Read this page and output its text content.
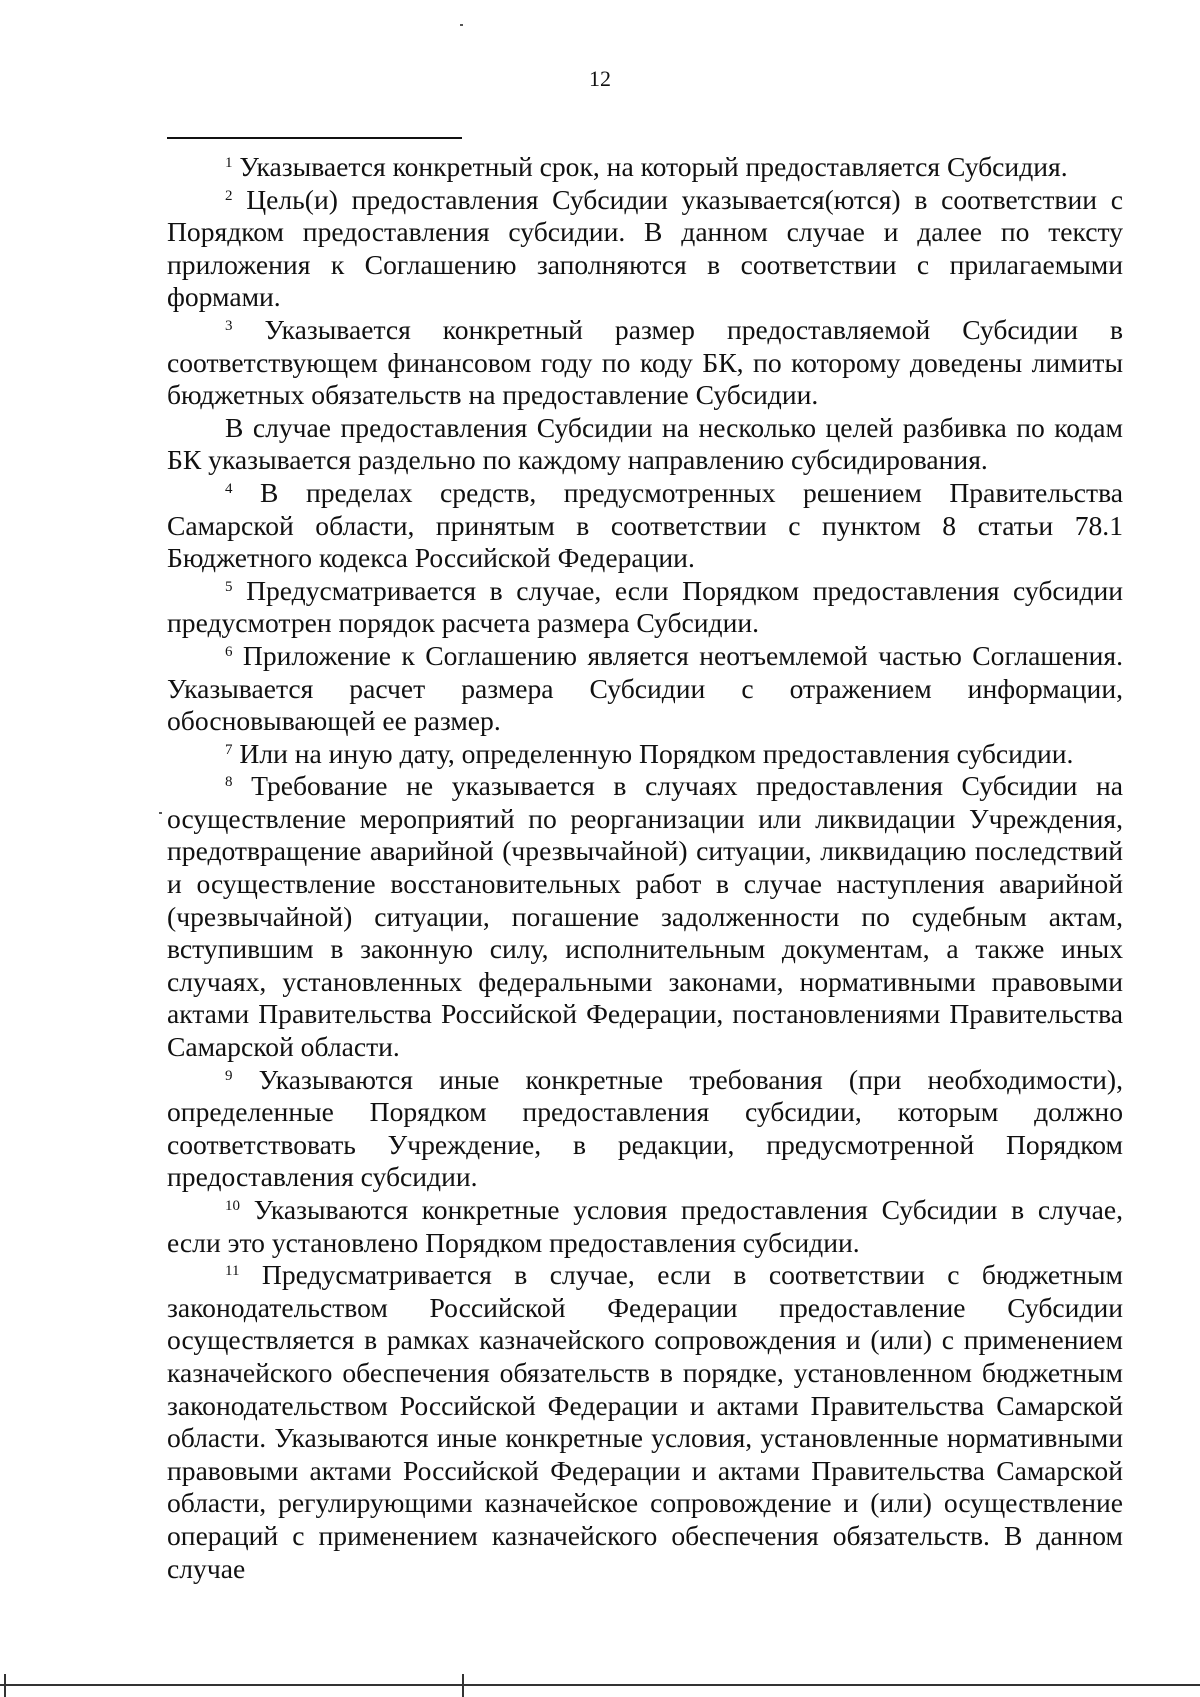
12

$^1$ Указывается конкретный срок, на который предоставляется Субсидия.

$^2$ Цель(и) предоставления Субсидии указывается(ются) в соответствии с Порядком предоставления субсидии. В данном случае и далее по тексту приложения к Соглашению заполняются в соответствии с прилагаемыми формами.

$^3$ Указывается конкретный размер предоставляемой Субсидии в соответствующем финансовом году по коду БК, по которому доведены лимиты бюджетных обязательств на предоставление Субсидии.

В случае предоставления Субсидии на несколько целей разбивка по кодам БК указывается раздельно по каждому направлению субсидирования.

$^4$ В пределах средств, предусмотренных решением Правительства Самарской области, принятым в соответствии с пунктом 8 статьи 78.1 Бюджетного кодекса Российской Федерации.

$^5$ Предусматривается в случае, если Порядком предоставления субсидии предусмотрен порядок расчета размера Субсидии.

$^6$ Приложение к Соглашению является неотъемлемой частью Соглашения. Указывается расчет размера Субсидии с отражением информации, обосновывающей ее размер.

$^7$ Или на иную дату, определенную Порядком предоставления субсидии.

$^8$ Требование не указывается в случаях предоставления Субсидии на осуществление мероприятий по реорганизации или ликвидации Учреждения, предотвращение аварийной (чрезвычайной) ситуации, ликвидацию последствий и осуществление восстановительных работ в случае наступления аварийной (чрезвычайной) ситуации, погашение задолженности по судебным актам, вступившим в законную силу, исполнительным документам, а также иных случаях, установленных федеральными законами, нормативными правовыми актами Правительства Российской Федерации, постановлениями Правительства Самарской области.

$^9$ Указываются иные конкретные требования (при необходимости), определенные Порядком предоставления субсидии, которым должно соответствовать Учреждение, в редакции, предусмотренной Порядком предоставления субсидии.

$^{10}$ Указываются конкретные условия предоставления Субсидии в случае, если это установлено Порядком предоставления субсидии.

$^{11}$ Предусматривается в случае, если в соответствии с бюджетным законодательством Российской Федерации предоставление Субсидии осуществляется в рамках казначейского сопровождения и (или) с применением казначейского обеспечения обязательств в порядке, установленном бюджетным законодательством Российской Федерации и актами Правительства Самарской области. Указываются иные конкретные условия, установленные нормативными правовыми актами Российской Федерации и актами Правительства Самарской области, регулирующими казначейское сопровождение и (или) осуществление операций с применением казначейского обеспечения обязательств. В данном случае
